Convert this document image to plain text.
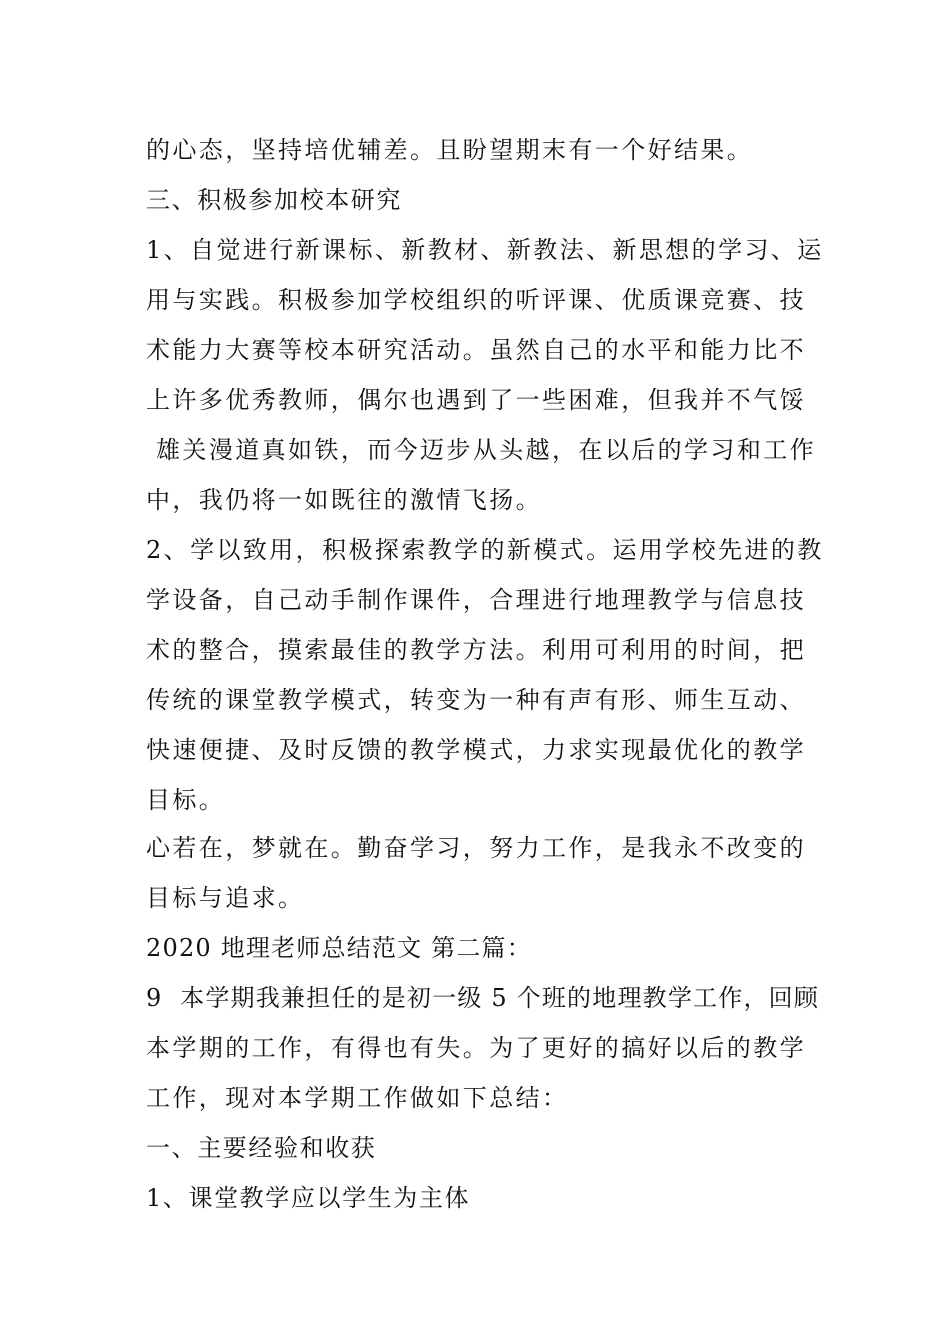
的心态，坚持培优辅差。且盼望期末有一个好结果。
三、积极参加校本研究
1、自觉进行新课标、新教材、新教法、新思想的学习、运
用与实践。积极参加学校组织的听评课、优质课竞赛、技
术能力大赛等校本研究活动。虽然自己的水平和能力比不
上许多优秀教师，偶尔也遇到了一些困难，但我并不气馁
雄关漫道真如铁，而今迈步从头越，在以后的学习和工作
中，我仍将一如既往的激情飞扬。
2、学以致用，积极探索教学的新模式。运用学校先进的教
学设备，自己动手制作课件，合理进行地理教学与信息技
术的整合，摸索最佳的教学方法。利用可利用的时间，把
传统的课堂教学模式，转变为一种有声有形、师生互动、
快速便捷、及时反馈的教学模式，力求实现最优化的教学
目标。
心若在，梦就在。勤奋学习，努力工作，是我永不改变的
目标与追求。
2020 地理老师总结范文 第二篇：
9  本学期我兼担任的是初一级 5 个班的地理教学工作，回顾
本学期的工作，有得也有失。为了更好的搞好以后的教学
工作，现对本学期工作做如下总结：
一、主要经验和收获
1、课堂教学应以学生为主体
